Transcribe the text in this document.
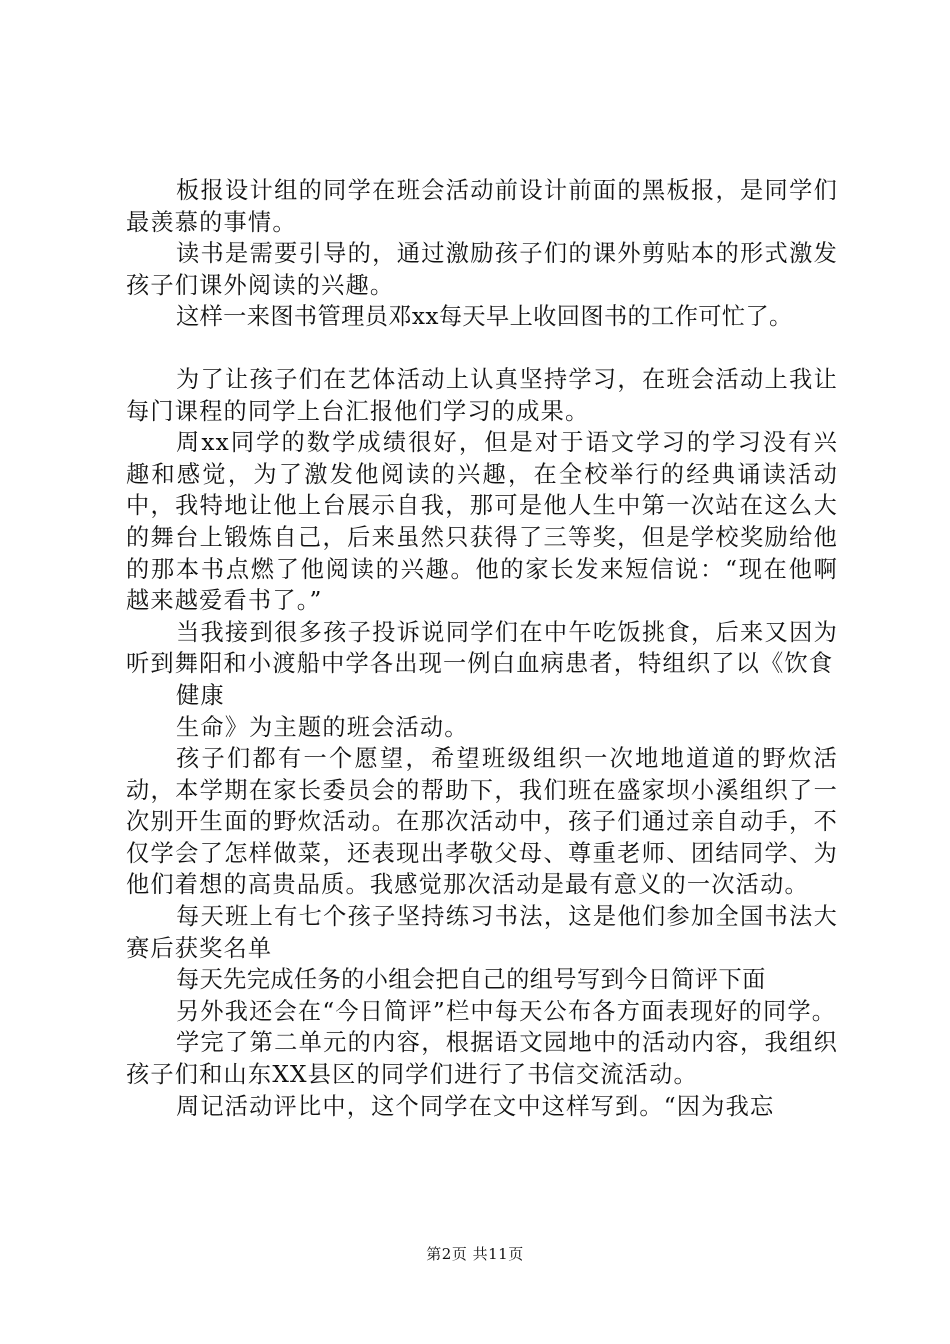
板报设计组的同学在班会活动前设计前面的黑板报，是同学们最羡慕的事情。

读书是需要引导的，通过激励孩子们的课外剪贴本的形式激发孩子们课外阅读的兴趣。

这样一来图书管理员邓xx每天早上收回图书的工作可忙了。

为了让孩子们在艺体活动上认真坚持学习，在班会活动上我让每门课程的同学上台汇报他们学习的成果。

周xx同学的数学成绩很好，但是对于语文学习的学习没有兴趣和感觉，为了激发他阅读的兴趣，在全校举行的经典诵读活动中，我特地让他上台展示自我，那可是他人生中第一次站在这么大的舞台上锻炼自己，后来虽然只获得了三等奖，但是学校奖励给他的那本书点燃了他阅读的兴趣。他的家长发来短信说：“现在他啊越来越爱看书了。”

当我接到很多孩子投诉说同学们在中午吃饭挑食，后来又因为听到舞阳和小渡船中学各出现一例白血病患者，特组织了以《饮食

健康

生命》为主题的班会活动。

孩子们都有一个愿望，希望班级组织一次地地道道的野炊活动，本学期在家长委员会的帮助下，我们班在盛家坝小溪组织了一次别开生面的野炊活动。在那次活动中，孩子们通过亲自动手，不仅学会了怎样做菜，还表现出孝敬父母、尊重老师、团结同学、为他们着想的高贵品质。我感觉那次活动是最有意义的一次活动。

每天班上有七个孩子坚持练习书法，这是他们参加全国书法大赛后获奖名单

每天先完成任务的小组会把自己的组号写到今日简评下面

另外我还会在“今日简评”栏中每天公布各方面表现好的同学。

学完了第二单元的内容，根据语文园地中的活动内容，我组织孩子们和山东XX县区的同学们进行了书信交流活动。

周记活动评比中，这个同学在文中这样写到。“因为我忘

第2页 共11页
